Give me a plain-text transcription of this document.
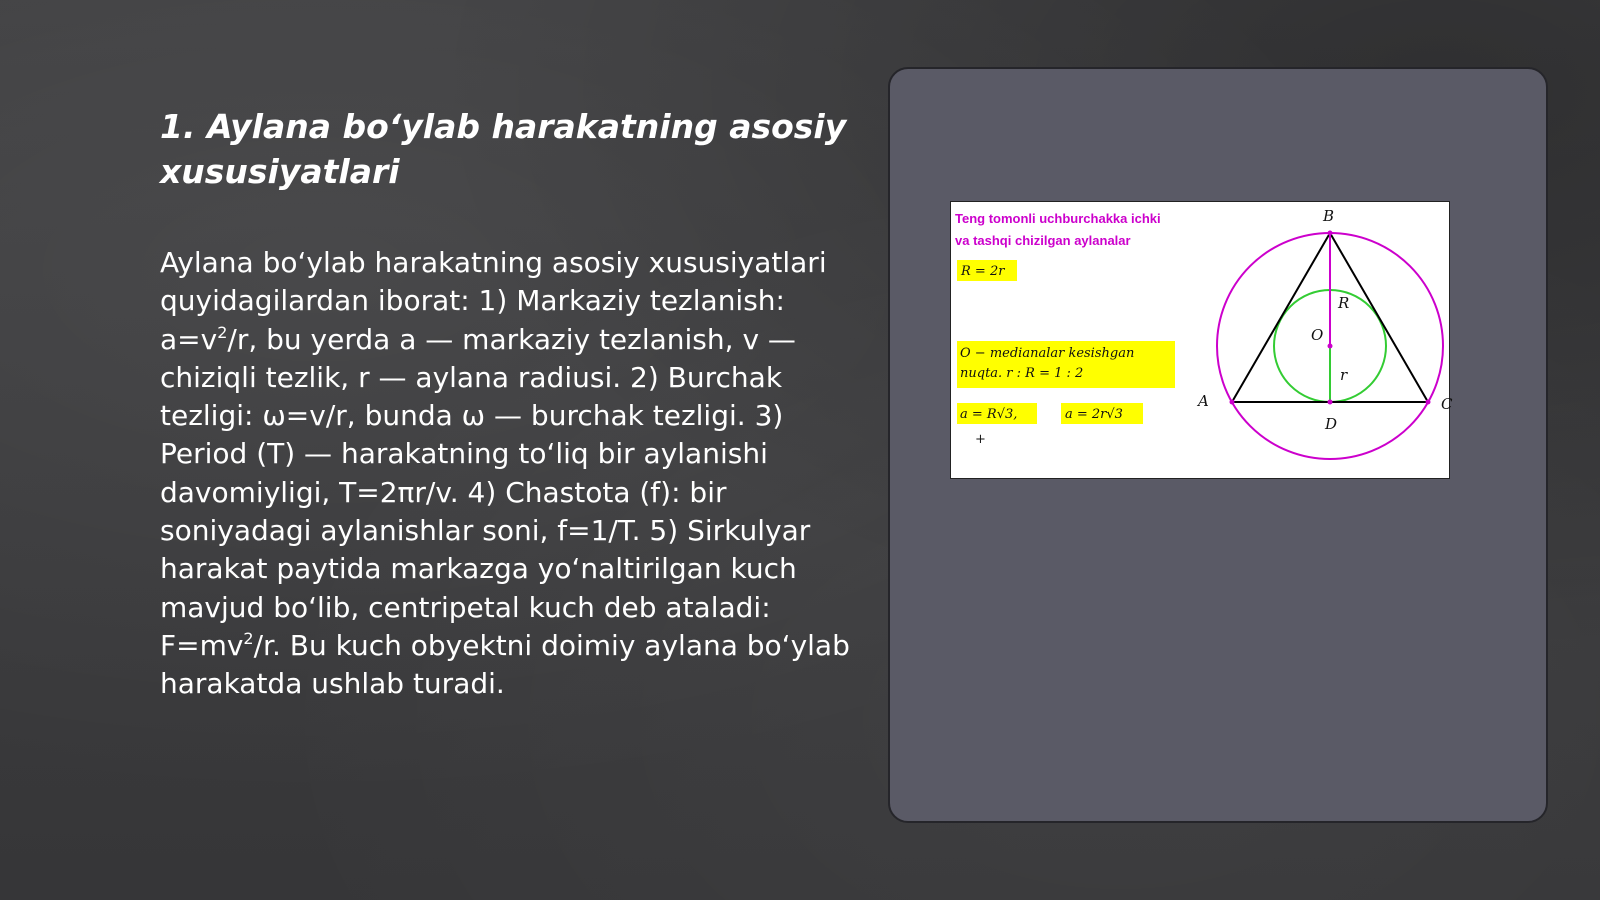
1. Aylana bo‘ylab harakatning asosiy xususiyatlari

Aylana bo‘ylab harakatning asosiy xususiyatlari quyidagilardan iborat: 1) Markaziy tezlanish: $a=v^2/r$, bu yerda a — markaziy tezlanish, v — chiziqli tezlik, r — aylana radiusi. 2) Burchak tezligi: ω=v/r, bunda ω — burchak tezligi. 3) Period (T) — harakatning to‘liq bir aylanishi davomiyligi, T=2πr/v. 4) Chastota (f): bir soniyadagi aylanishlar soni, f=1/T. 5) Sirkulyar harakat paytida markazga yo‘naltirilgan kuch mavjud bo‘lib, centripetal kuch deb ataladi: $F=mv^2/r$. Bu kuch obyektni doimiy aylana bo‘ylab harakatda ushlab turadi.

Teng tomonli uchburchakka ichki
va tashqi chizilgan aylanalar
R = 2r
O − medianalar kesishgan
nuqta. r : R = 1 : 2
a = R√3,	a = 2r√3
+
B
A	C
D
O
R
r
